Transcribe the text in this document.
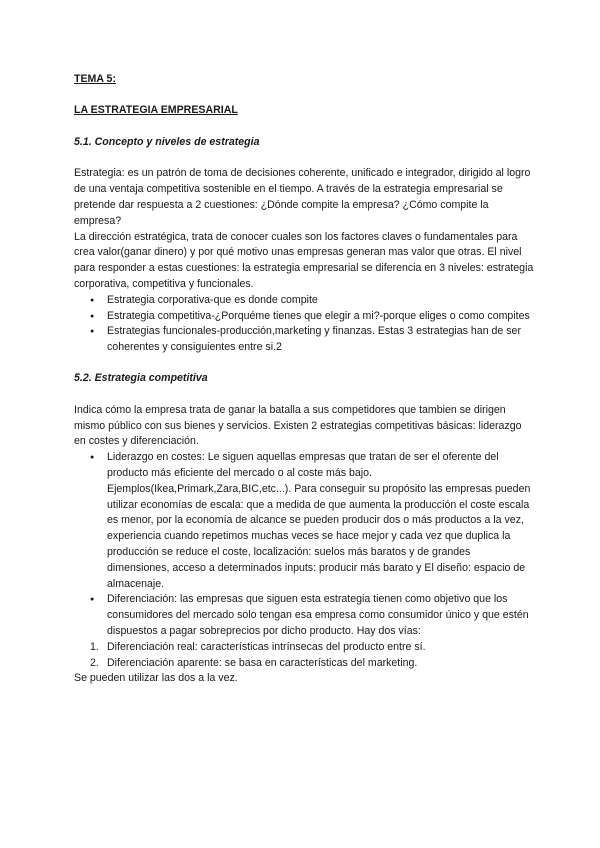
TEMA 5:

LA ESTRATEGIA EMPRESARIAL

5.1. Concepto y niveles de estrategia

Estrategia: es un patrón de toma de decisiones coherente, unificado e integrador, dirigido al logro de una ventaja competitiva sostenible en el tiempo. A través de la estrategia empresarial se pretende dar respuesta a 2 cuestiones: ¿Dónde compite la empresa? ¿Cómo compite la empresa?

La dirección estratégica, trata de conocer cuales son los factores claves o fundamentales para crea valor(ganar dinero) y por qué motivo unas empresas generan mas valor que otras. El nivel para responder a estas cuestiones: la estrategia empresarial se diferencia en 3 niveles: estrategia corporativa, competitiva y funcionales.

● Estrategia corporativa-que es donde compite
● Estrategia competitiva-¿Porquéme tienes que elegir a mi?-porque eliges o como compites
● Estrategias funcionales-producción,marketing y finanzas. Estas 3 estrategias han de ser coherentes y consiguientes entre si.2

5.2. Estrategia competitiva

Indica cómo la empresa trata de ganar la batalla a sus competidores que tambien se dirigen mismo público con sus bienes y servicios. Existen 2 estrategias competitivas básicas: liderazgo en costes y diferenciación.

● Liderazgo en costes: Le siguen aquellas empresas que tratan de ser el oferente del producto más eficiente del mercado o al coste más bajo. Ejemplos(Ikea,Primark,Zara,BIC,etc...). Para conseguir su propósito las empresas pueden utilizar economías de escala: que a medida de que aumenta la producción el coste escala es menor, por la economía de alcance se pueden producir dos o más productos a la vez, experiencia cuando repetimos muchas veces se hace mejor y cada vez que duplica la producción se reduce el coste, localización: suelos más baratos y de grandes dimensiones, acceso a determinados inputs: producir más barato y El diseño: espacio de almacenaje.
● Diferenciación: las empresas que siguen esta estrategia tienen como objetivo que los consumidores del mercado solo tengan esa empresa como consumidor único y que estén dispuestos a pagar sobreprecios por dicho producto. Hay dos vías:
1. Diferenciación real: características intrínsecas del producto entre sí.
2. Diferenciación aparente: se basa en características del marketing.

Se pueden utilizar las dos a la vez.
